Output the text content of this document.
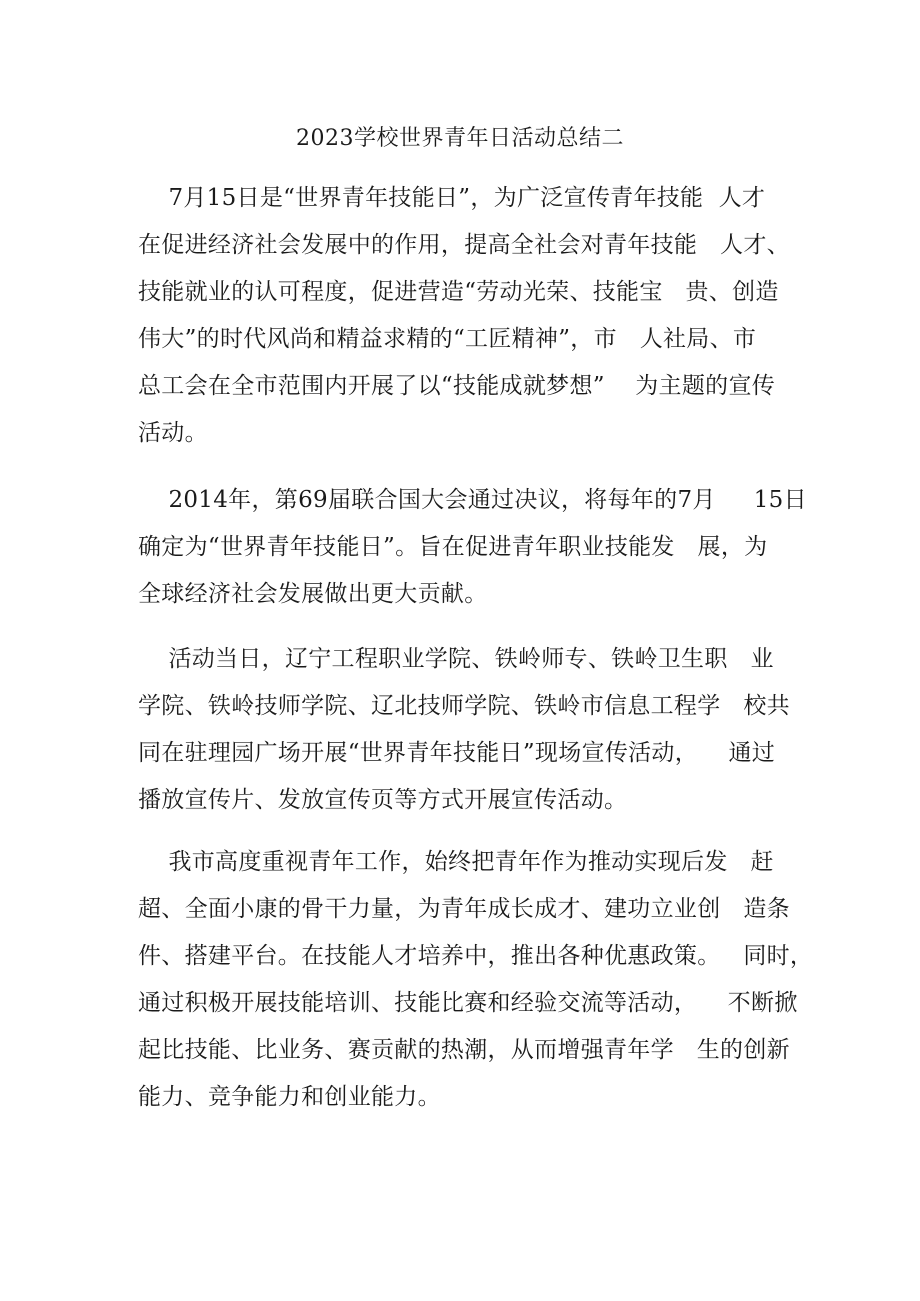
2023学校世界青年日活动总结二
7月15日是“世界青年技能日”，为广泛宣传青年技能  人才
在促进经济社会发展中的作用，提高全社会对青年技能   人才、
技能就业的认可程度，促进营造“劳动光荣、技能宝   贵、创造
伟大”的时代风尚和精益求精的“工匠精神”，市   人社局、市
总工会在全市范围内开展了以“技能成就梦想”    为主题的宣传
活动。
2014年，第69届联合国大会通过决议，将每年的7月     15日
确定为“世界青年技能日”。旨在促进青年职业技能发   展，为
全球经济社会发展做出更大贡献。
活动当日，辽宁工程职业学院、铁岭师专、铁岭卫生职   业
学院、铁岭技师学院、辽北技师学院、铁岭市信息工程学   校共
同在驻理园广场开展“世界青年技能日”现场宣传活动，    通过
播放宣传片、发放宣传页等方式开展宣传活动。
我市高度重视青年工作，始终把青年作为推动实现后发   赶
超、全面小康的骨干力量，为青年成长成才、建功立业创   造条
件、搭建平台。在技能人才培养中，推出各种优惠政策。   同时，
通过积极开展技能培训、技能比赛和经验交流等活动，    不断掀
起比技能、比业务、赛贡献的热潮，从而增强青年学   生的创新
能力、竞争能力和创业能力。
